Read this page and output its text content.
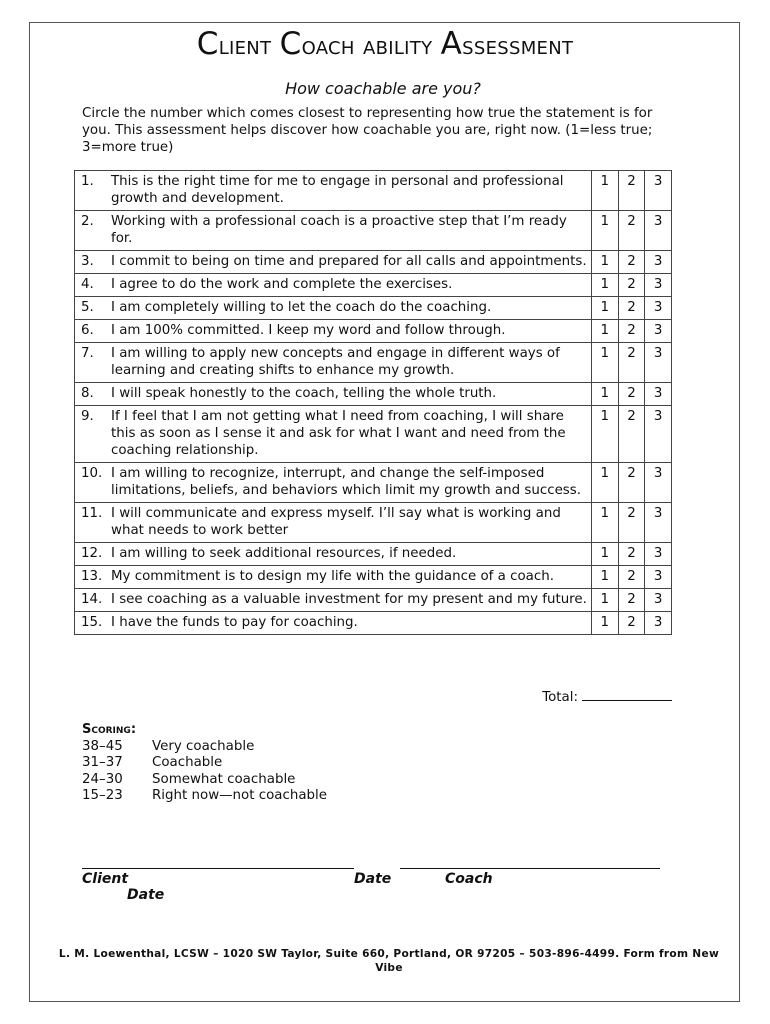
Client Coach ability Assessment
How coachable are you?
Circle the number which comes closest to representing how true the statement is for you. This assessment helps discover how coachable you are, right now. (1=less true; 3=more true)
1. This is the right time for me to engage in personal and professional growth and development.	1	2	3

2. Working with a professional coach is a proactive step that I’m ready for.	1	2	3

3. I commit to being on time and prepared for all calls and appointments.	1	2	3

4. I agree to do the work and complete the exercises.	1	2	3

5. I am completely willing to let the coach do the coaching.	1	2	3

6. I am 100% committed. I keep my word and follow through.	1	2	3

7. I am willing to apply new concepts and engage in different ways of learning and creating shifts to enhance my growth.	1	2	3

8. I will speak honestly to the coach, telling the whole truth.	1	2	3

9. If I feel that I am not getting what I need from coaching, I will share this as soon as I sense it and ask for what I want and need from the coaching relationship.	1	2	3

10. I am willing to recognize, interrupt, and change the self-imposed limitations, beliefs, and behaviors which limit my growth and success.	1	2	3

11. I will communicate and express myself. I’ll say what is working and what needs to work better	1	2	3

12. I am willing to seek additional resources, if needed.	1	2	3

13. My commitment is to design my life with the guidance of a coach.	1	2	3

14. I see coaching as a valuable investment for my present and my future.	1	2	3

15. I have the funds to pay for coaching.	1	2	3
Total:
Scoring:
38–45	Very coachable
31–37	Coachable
24–30	Somewhat coachable
15–23	Right now—not coachable
Client	Date	Coach
Date
L. M. Loewenthal, LCSW – 1020 SW Taylor, Suite 660, Portland, OR 97205 – 503-896-4499. Form from New Vibe
